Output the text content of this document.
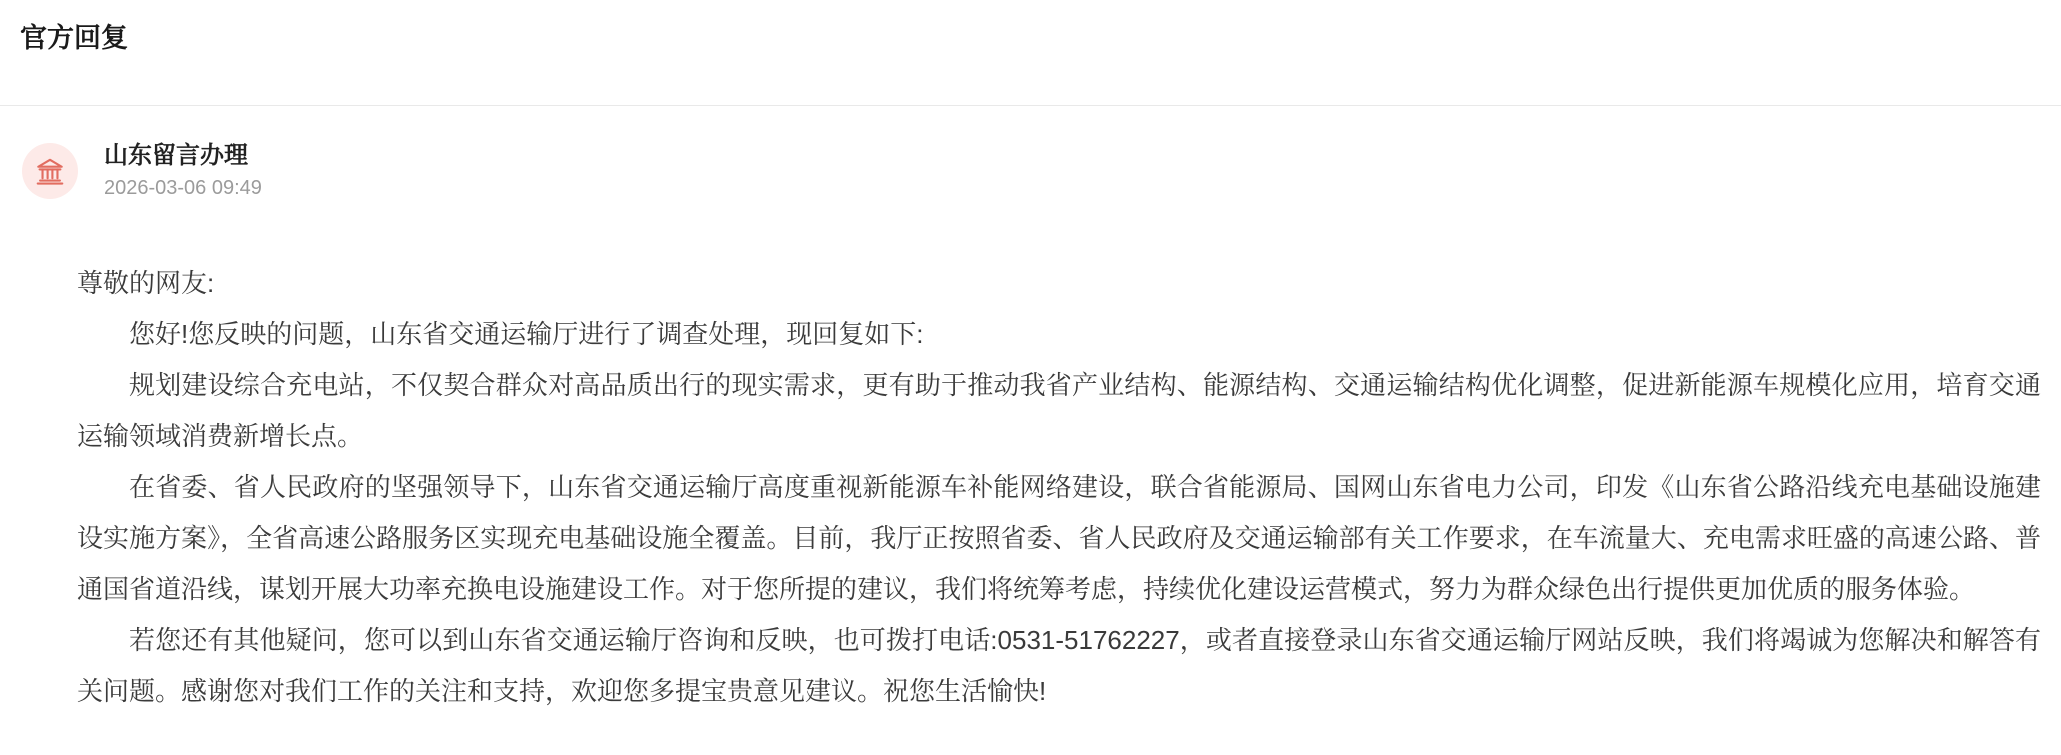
官方回复
山东留言办理
2026-03-06 09:49

尊敬的网友:

您好!您反映的问题，山东省交通运输厅进行了调查处理，现回复如下:

规划建设综合充电站，不仅契合群众对高品质出行的现实需求，更有助于推动我省产业结构、能源结构、交通运输结构优化调整，促进新能源车规模化应用，培育交通运输领域消费新增长点。

在省委、省人民政府的坚强领导下，山东省交通运输厅高度重视新能源车补能网络建设，联合省能源局、国网山东省电力公司，印发《山东省公路沿线充电基础设施建设实施方案》，全省高速公路服务区实现充电基础设施全覆盖。目前，我厅正按照省委、省人民政府及交通运输部有关工作要求，在车流量大、充电需求旺盛的高速公路、普通国省道沿线，谋划开展大功率充换电设施建设工作。对于您所提的建议，我们将统筹考虑，持续优化建设运营模式，努力为群众绿色出行提供更加优质的服务体验。

若您还有其他疑问，您可以到山东省交通运输厅咨询和反映，也可拨打电话:0531-51762227，或者直接登录山东省交通运输厅网站反映，我们将竭诚为您解决和解答有关问题。感谢您对我们工作的关注和支持，欢迎您多提宝贵意见建议。祝您生活愉快!
